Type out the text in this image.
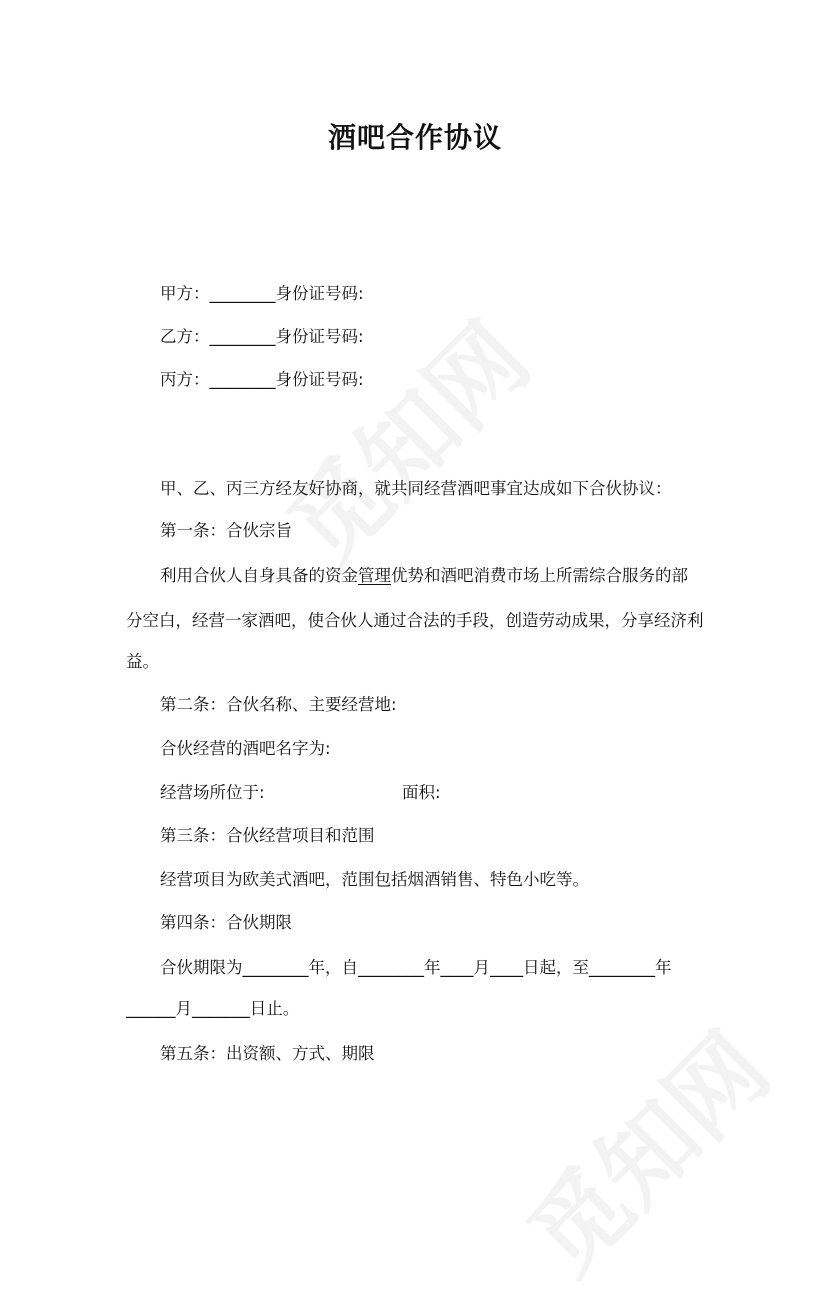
酒吧合作协议
甲方：________身份证号码:
乙方：________身份证号码:
丙方：________身份证号码:
甲、乙、丙三方经友好协商，就共同经营酒吧事宜达成如下合伙协议：
第一条：合伙宗旨
利用合伙人自身具备的资金管理优势和酒吧消费市场上所需综合服务的部
分空白，经营一家酒吧，使合伙人通过合法的手段，创造劳动成果，分享经济利
益。
第二条：合伙名称、主要经营地:
合伙经营的酒吧名字为:
经营场所位于:	面积:
第三条：合伙经营项目和范围
经营项目为欧美式酒吧，范围包括烟酒销售、特色小吃等。
第四条：合伙期限
合伙期限为________年，自________年____月____日起，至________年
______月_______日止。
第五条：出资额、方式、期限
